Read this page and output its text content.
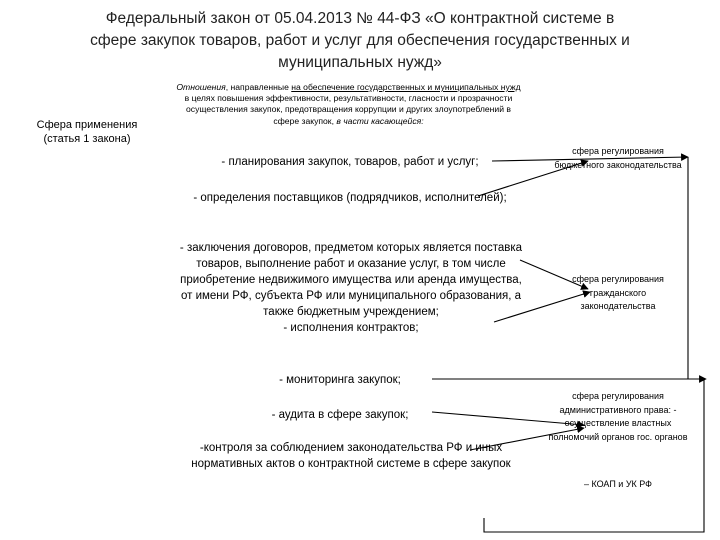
Федеральный закон от 05.04.2013 № 44-ФЗ «О контрактной системе в
сфере закупок товаров, работ и услуг для обеспечения государственных и
муниципальных нужд»
Сфера применения
(статья 1 закона)
Отношения, направленные на обеспечение государственных и муниципальных нужд в целях повышения эффективности, результативности, гласности и прозрачности осуществления закупок, предотвращения коррупции и других злоупотреблений в сфере закупок, в части касающейся:
- планирования закупок, товаров, работ и услуг;
- определения поставщиков (подрядчиков, исполнителей);
- заключения договоров, предметом которых является поставка товаров, выполнение работ и оказание услуг, в том числе приобретение недвижимого имущества или аренда имущества, от имени РФ, субъекта РФ или муниципального образования, а также бюджетным учреждением;
- исполнения контрактов;
- мониторинга закупок;
- аудита в сфере закупок;
-контроля за соблюдением законодательства РФ и иных нормативных актов о контрактной системе в сфере закупок
сфера регулирования бюджетного законодательства
сфера регулирования гражданского законодательства
сфера регулирования административного права: - осуществление властных полномочий органов гос. органов
– КОАП и УК РФ
